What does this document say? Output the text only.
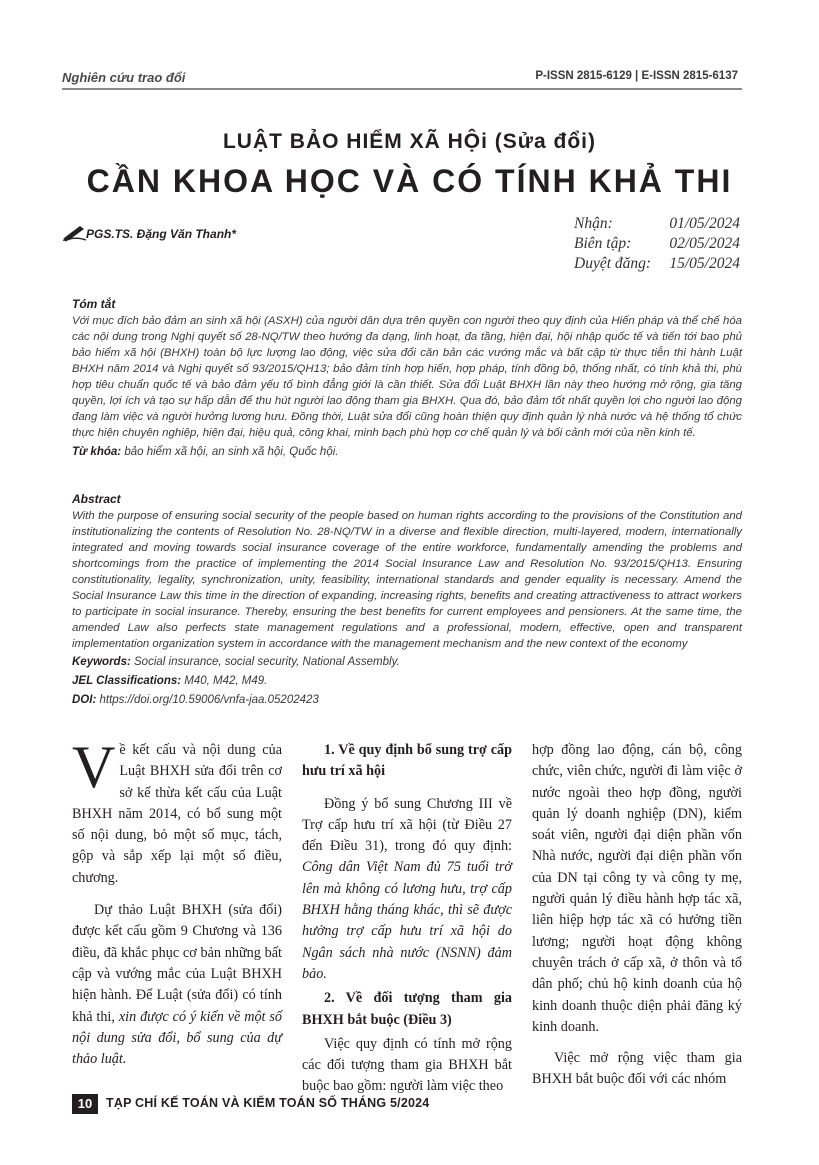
Nghiên cứu trao đổi	P-ISSN 2815-6129 | E-ISSN 2815-6137
LUẬT BẢO HIỂM XÃ HỘi (Sửa đổi)
CẦN KHOA HỌC VÀ CÓ TÍNH KHẢ THI
PGS.TS. Đặng Văn Thanh*
Nhận:	01/05/2024
Biên tập: 02/05/2024
Duyệt đăng: 15/05/2024
Tóm tắt
Với mục đích bảo đảm an sinh xã hội (ASXH) của người dân dựa trên quyền con người theo quy định của Hiến pháp và thể chế hóa các nội dung trong Nghị quyết số 28-NQ/TW theo hướng đa dạng, linh hoạt, đa tầng, hiện đại, hội nhập quốc tế và tiến tới bao phủ bảo hiểm xã hội (BHXH) toàn bộ lực lượng lao động, việc sửa đổi căn bản các vướng mắc và bất cập từ thực tiễn thi hành Luật BHXH năm 2014 và Nghị quyết số 93/2015/QH13; bảo đảm tính hợp hiến, hợp pháp, tính đồng bộ, thống nhất, có tính khả thi, phù hợp tiêu chuẩn quốc tế và bảo đảm yếu tố bình đẳng giới là cần thiết. Sửa đổi Luật BHXH lần này theo hướng mở rộng, gia tăng quyền, lợi ích và tạo sự hấp dẫn để thu hút người lao động tham gia BHXH. Qua đó, bảo đảm tốt nhất quyền lợi cho người lao động đang làm việc và người hưởng lương hưu. Đồng thời, Luật sửa đổi cũng hoàn thiện quy định quản lý nhà nước và hệ thống tổ chức thực hiện chuyên nghiệp, hiện đại, hiệu quả, công khai, minh bạch phù hợp cơ chế quản lý và bối cảnh mới của nền kinh tế.
Từ khóa: bảo hiểm xã hội, an sinh xã hội, Quốc hội.
Abstract
With the purpose of ensuring social security of the people based on human rights according to the provisions of the Constitution and institutionalizing the contents of Resolution No. 28-NQ/TW in a diverse and flexible direction, multi-layered, modern, internationally integrated and moving towards social insurance coverage of the entire workforce, fundamentally amending the problems and shortcomings from the practice of implementing the 2014 Social Insurance Law and Resolution No. 93/2015/QH13. Ensuring constitutionality, legality, synchronization, unity, feasibility, international standards and gender equality is necessary. Amend the Social Insurance Law this time in the direction of expanding, increasing rights, benefits and creating attractiveness to attract workers to participate in social insurance. Thereby, ensuring the best benefits for current employees and pensioners. At the same time, the amended Law also perfects state management regulations and a professional, modern, effective, open and transparent implementation organization system in accordance with the management mechanism and the new context of the economy
Keywords: Social insurance, social security, National Assembly.
JEL Classifications: M40, M42, M49.
DOI: https://doi.org/10.59006/vnfa-jaa.05202423

Về kết cấu và nội dung của Luật BHXH sửa đổi trên cơ sở kế thừa kết cấu của Luật BHXH năm 2014, có bổ sung một số nội dung, bỏ một số mục, tách, gộp và sắp xếp lại một số điều, chương.

Dự thảo Luật BHXH (sửa đổi) được kết cấu gồm 9 Chương và 136 điều, đã khắc phục cơ bản những bất cập và vướng mắc của Luật BHXH hiện hành. Để Luật (sửa đổi) có tính khả thi, xin được có ý kiến về một số nội dung sửa đổi, bổ sung của dự thảo luật.

1. Về quy định bổ sung trợ cấp hưu trí xã hội

Đồng ý bổ sung Chương III về Trợ cấp hưu trí xã hội (từ Điều 27 đến Điều 31), trong đó quy định: Công dân Việt Nam đủ 75 tuổi trở lên mà không có lương hưu, trợ cấp BHXH hằng tháng khác, thì sẽ được hưởng trợ cấp hưu trí xã hội do Ngân sách nhà nước (NSNN) đảm bảo.

2. Về đối tượng tham gia BHXH bắt buộc (Điều 3)

Việc quy định có tính mở rộng các đối tượng tham gia BHXH bắt buộc bao gồm: người làm việc theo

hợp đồng lao động, cán bộ, công chức, viên chức, người đi làm việc ở nước ngoài theo hợp đồng, người quản lý doanh nghiệp (DN), kiểm soát viên, người đại diện phần vốn Nhà nước, người đại diện phần vốn của DN tại công ty và công ty mẹ, người quản lý điều hành hợp tác xã, liên hiệp hợp tác xã có hưởng tiền lương; người hoạt động không chuyên trách ở cấp xã, ở thôn và tổ dân phố; chủ hộ kinh doanh của hộ kinh doanh thuộc diện phải đăng ký kinh doanh.

Việc mở rộng việc tham gia BHXH bắt buộc đối với các nhóm

10	TẠP CHÍ KẾ TOÁN VÀ KIỂM TOÁN SỐ THÁNG 5/2024
